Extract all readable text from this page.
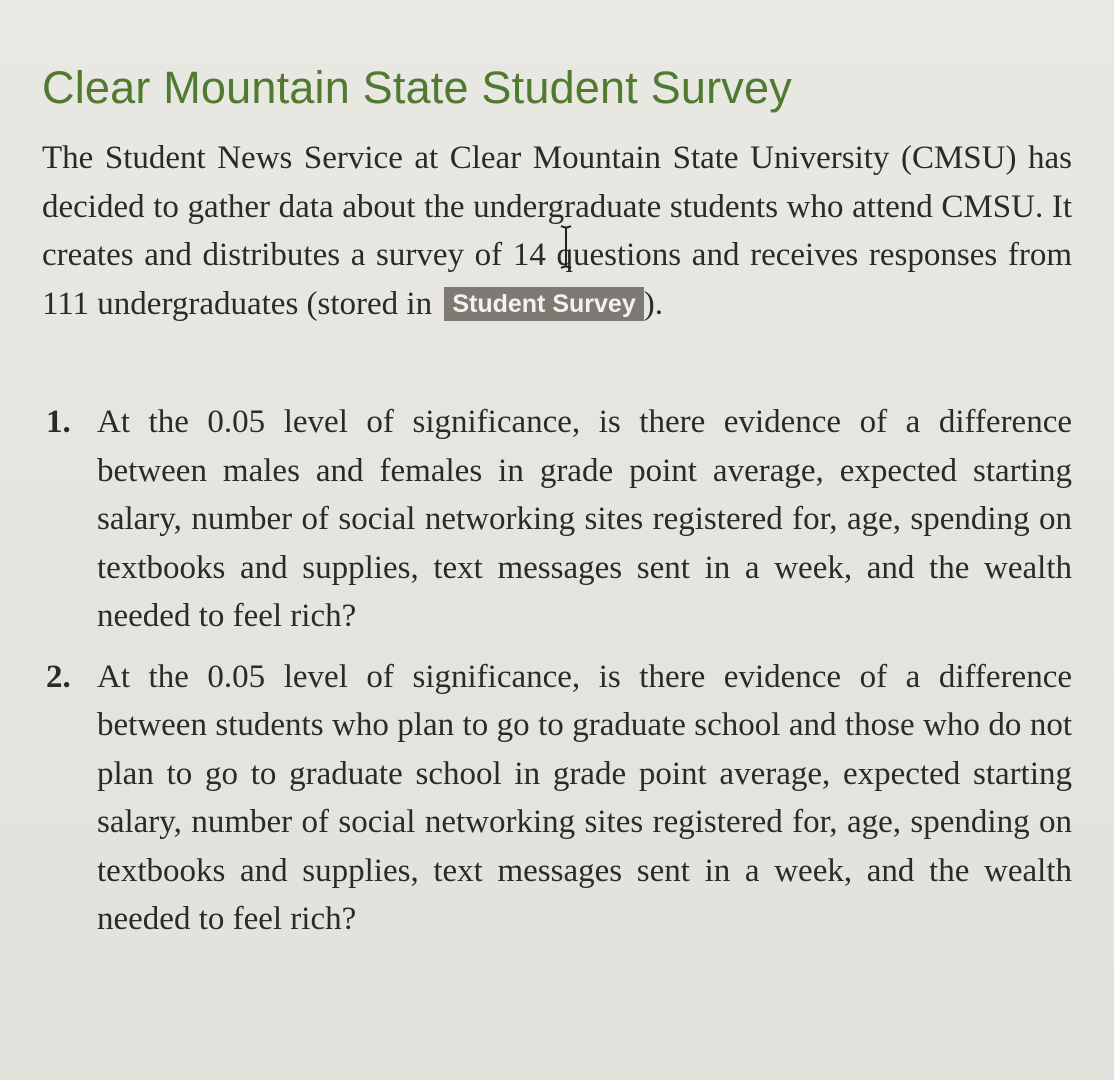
Clear Mountain State Student Survey

The Student News Service at Clear Mountain State University (CMSU) has decided to gather data about the undergraduate students who attend CMSU. It creates and distributes a survey of 14 questions and receives responses from 111 undergraduates (stored in Student Survey ).

1. At the 0.05 level of significance, is there evidence of a difference between males and females in grade point average, expected starting salary, number of social networking sites registered for, age, spending on textbooks and supplies, text messages sent in a week, and the wealth needed to feel rich?
2. At the 0.05 level of significance, is there evidence of a difference between students who plan to go to graduate school and those who do not plan to go to graduate school in grade point average, expected starting salary, number of social networking sites registered for, age, spending on textbooks and supplies, text messages sent in a week, and the wealth needed to feel rich?
